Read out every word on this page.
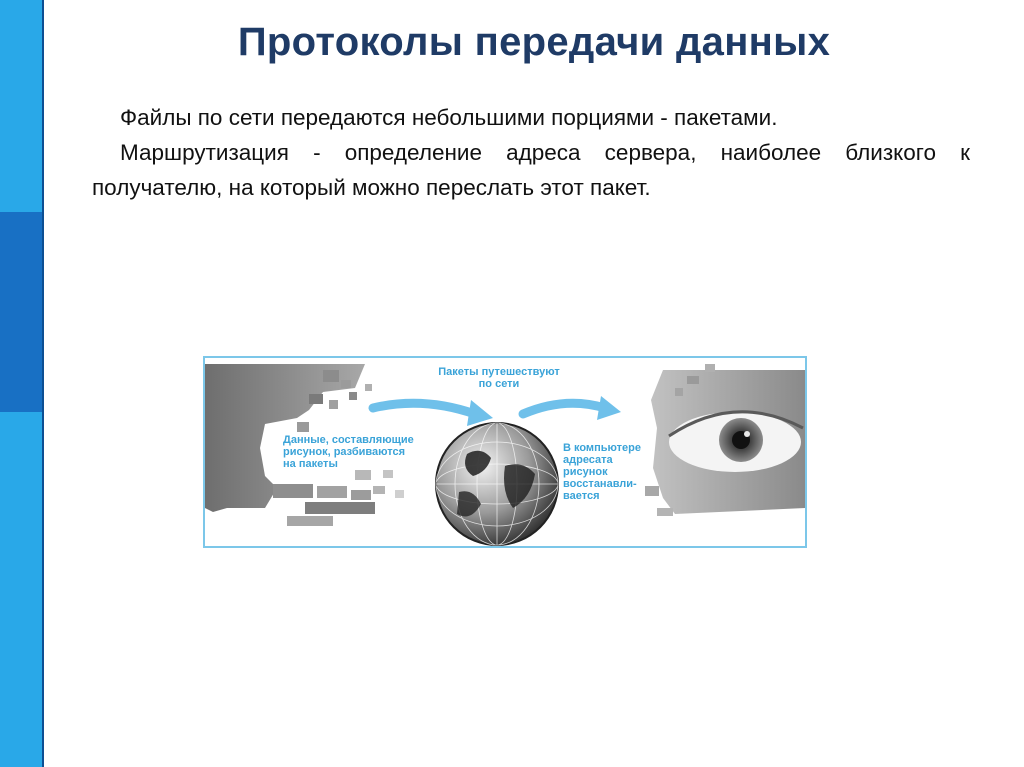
Протоколы передачи данных

Файлы по сети передаются небольшими порциями - пакетами.

Маршрутизация - определение адреса сервера, наиболее близкого к получателю, на который можно переслать этот пакет.

Пакеты путешествуют
по сети
Данные, составляющие
рисунок, разбиваются
на пакеты
В компьютере
адресата
рисунок
восстанавли-
вается
